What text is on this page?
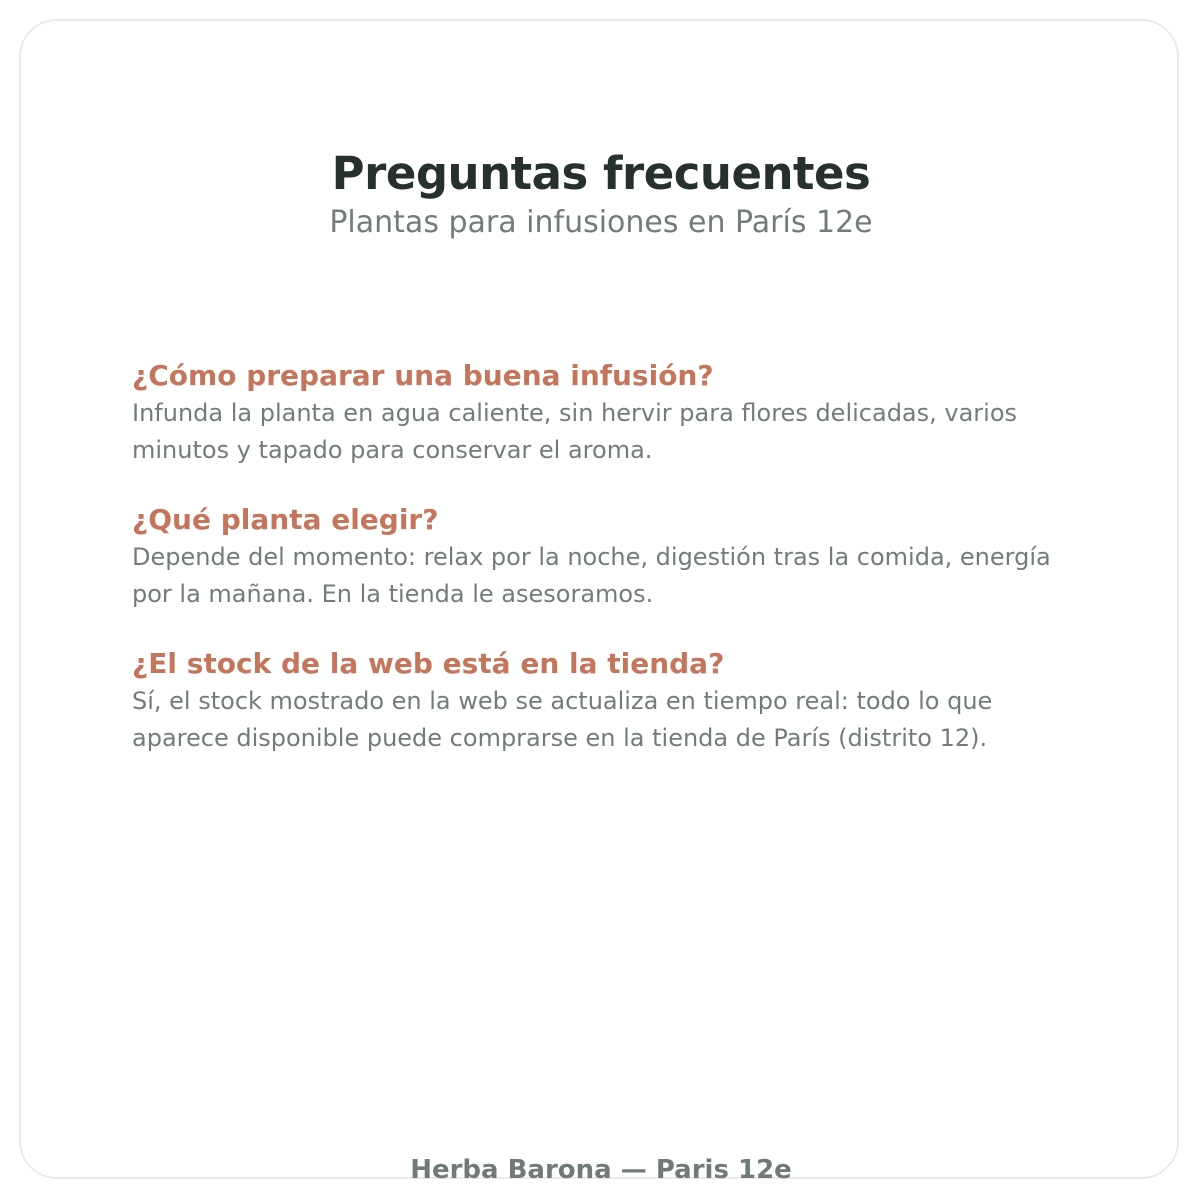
Preguntas frecuentes
Plantas para infusiones en París 12e
¿Cómo preparar una buena infusión?
Infunda la planta en agua caliente, sin hervir para flores delicadas, varios minutos y tapado para conservar el aroma.
¿Qué planta elegir?
Depende del momento: relax por la noche, digestión tras la comida, energía por la mañana. En la tienda le asesoramos.
¿El stock de la web está en la tienda?
Sí, el stock mostrado en la web se actualiza en tiempo real: todo lo que aparece disponible puede comprarse en la tienda de París (distrito 12).
Herba Barona — Paris 12e
